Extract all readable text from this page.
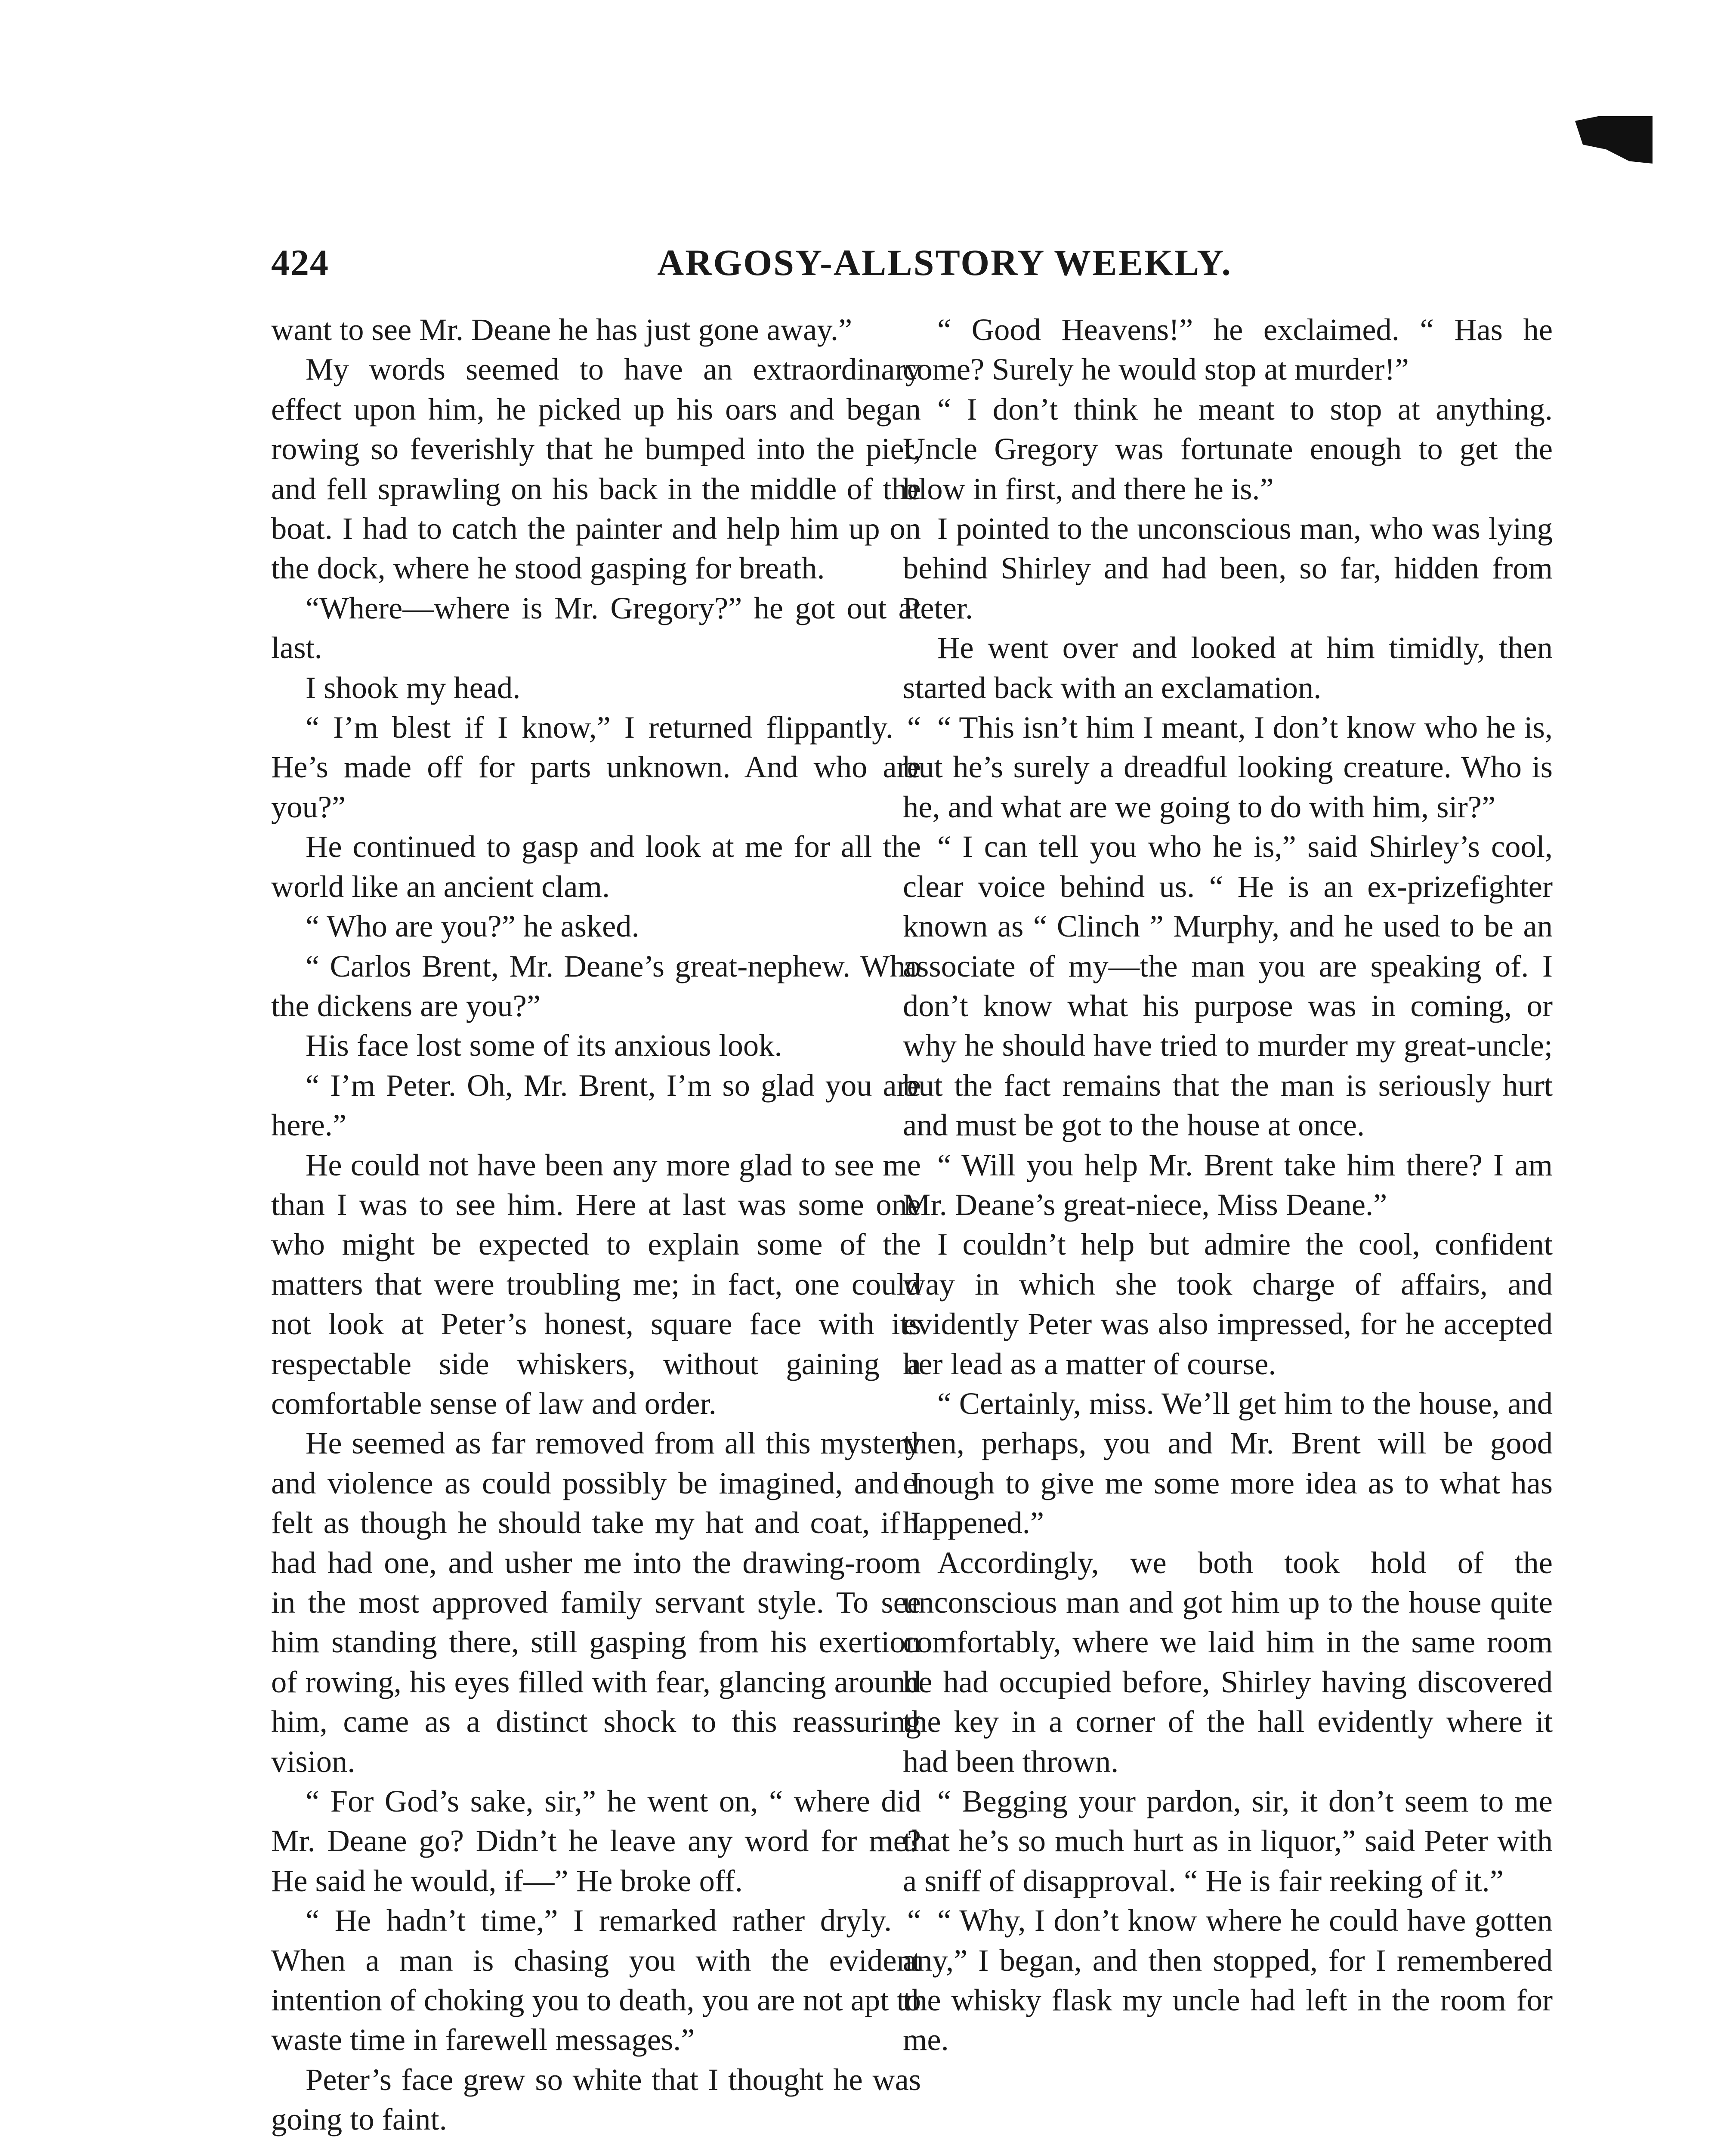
424	ARGOSY-ALLSTORY WEEKLY.

want to see Mr. Deane he has just gone away.”

My words seemed to have an extraordinary effect upon him, he picked up his oars and began rowing so feverishly that he bumped into the pier, and fell sprawling on his back in the middle of the boat. I had to catch the painter and help him up on the dock, where he stood gasping for breath.

“Where—where is Mr. Gregory?” he got out at last.

I shook my head.

“ I’m blest if I know,” I returned flippantly. “ He’s made off for parts unknown. And who are you?”

He continued to gasp and look at me for all the world like an ancient clam.

“ Who are you?” he asked.

“ Carlos Brent, Mr. Deane’s great-nephew. Who the dickens are you?”

His face lost some of its anxious look.

“ I’m Peter. Oh, Mr. Brent, I’m so glad you are here.”

He could not have been any more glad to see me than I was to see him. Here at last was some one who might be expected to explain some of the matters that were troubling me; in fact, one could not look at Peter’s honest, square face with its respectable side whiskers, without gaining a comfortable sense of law and order.

He seemed as far removed from all this mystery and violence as could possibly be imagined, and I felt as though he should take my hat and coat, if I had had one, and usher me into the drawing-room in the most approved family servant style. To see him standing there, still gasping from his exertion of rowing, his eyes filled with fear, glancing around him, came as a distinct shock to this reassuring vision.

“ For God’s sake, sir,” he went on, “ where did Mr. Deane go? Didn’t he leave any word for me? He said he would, if—” He broke off.

“ He hadn’t time,” I remarked rather dryly. “ When a man is chasing you with the evident intention of choking you to death, you are not apt to waste time in farewell messages.”

Peter’s face grew so white that I thought he was going to faint.

“ Good Heavens!” he exclaimed. “ Has he come? Surely he would stop at murder!”

“ I don’t think he meant to stop at anything. Uncle Gregory was fortunate enough to get the blow in first, and there he is.”

I pointed to the unconscious man, who was lying behind Shirley and had been, so far, hidden from Peter.

He went over and looked at him timidly, then started back with an exclamation.

“ This isn’t him I meant, I don’t know who he is, but he’s surely a dreadful looking creature. Who is he, and what are we going to do with him, sir?”

“ I can tell you who he is,” said Shirley’s cool, clear voice behind us. “ He is an ex-prizefighter known as “ Clinch ” Murphy, and he used to be an associate of my—the man you are speaking of. I don’t know what his purpose was in coming, or why he should have tried to murder my great-uncle; but the fact remains that the man is seriously hurt and must be got to the house at once.

“ Will you help Mr. Brent take him there? I am Mr. Deane’s great-niece, Miss Deane.”

I couldn’t help but admire the cool, confident way in which she took charge of affairs, and evidently Peter was also impressed, for he accepted her lead as a matter of course.

“ Certainly, miss. We’ll get him to the house, and then, perhaps, you and Mr. Brent will be good enough to give me some more idea as to what has happened.”

Accordingly, we both took hold of the unconscious man and got him up to the house quite comfortably, where we laid him in the same room he had occupied before, Shirley having discovered the key in a corner of the hall evidently where it had been thrown.

“ Begging your pardon, sir, it don’t seem to me that he’s so much hurt as in liquor,” said Peter with a sniff of disapproval. “ He is fair reeking of it.”

“ Why, I don’t know where he could have gotten any,” I began, and then stopped, for I remembered the whisky flask my uncle had left in the room for me.
